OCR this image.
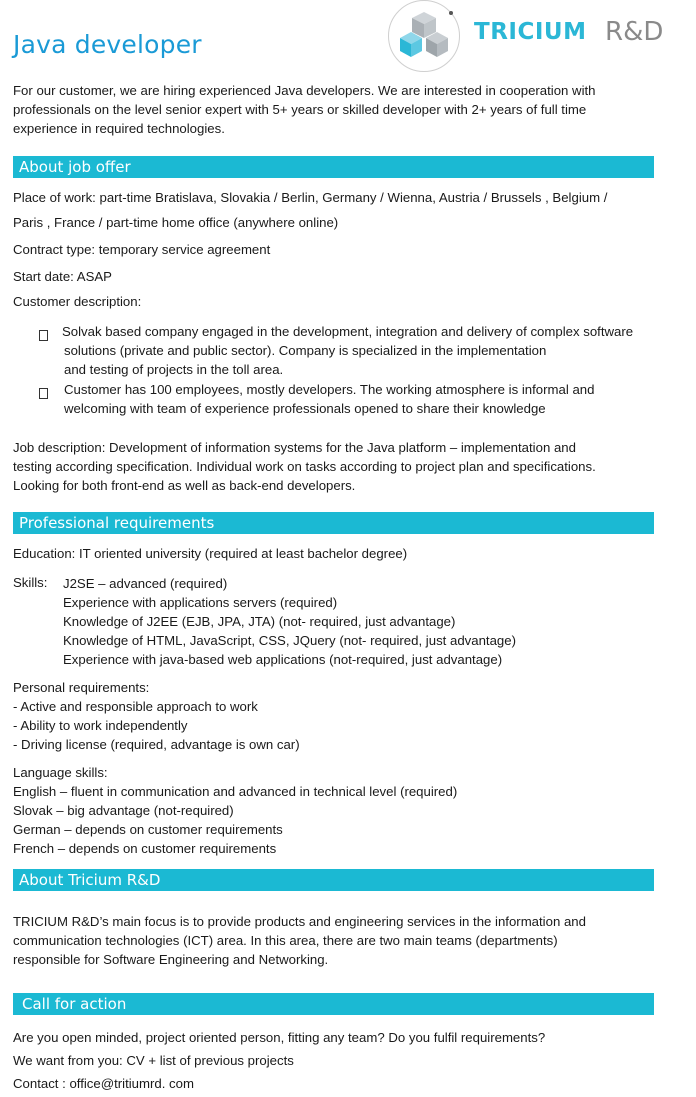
Java developer	TRICIUM R&D
For our customer, we are hiring experienced Java developers. We are interested in cooperation with
professionals on the level senior expert with 5+ years or skilled developer with 2+ years of full time
experience in required technologies.
About job offer
Place of work: part-time Bratislava, Slovakia / Berlin, Germany / Wienna, Austria / Brussels , Belgium /
Paris , France / part-time home office (anywhere online)
Contract type: temporary service agreement
Start date: ASAP
Customer description:
Solvak based company engaged in the development, integration and delivery of complex software
solutions (private and public sector). Company is specialized in the implementation
and testing of projects in the toll area.
Customer has 100 employees, mostly developers. The working atmosphere is informal and
welcoming with team of experience professionals opened to share their knowledge
Job description: Development of information systems for the Java platform – implementation and
testing according specification. Individual work on tasks according to project plan and specifications.
Looking for both front-end as well as back-end developers.
Professional requirements
Education: IT oriented university (required at least bachelor degree)
Skills: J2SE – advanced (required)
Experience with applications servers (required)
Knowledge of J2EE (EJB, JPA, JTA) (not- required, just advantage)
Knowledge of HTML, JavaScript, CSS, JQuery (not- required, just advantage)
Experience with java-based web applications (not-required, just advantage)
Personal requirements:
- Active and responsible approach to work
- Ability to work independently
- Driving license (required, advantage is own car)
Language skills:
English – fluent in communication and advanced in technical level (required)
Slovak – big advantage (not-required)
German – depends on customer requirements
French – depends on customer requirements
About Tricium R&D
TRICIUM R&D’s main focus is to provide products and engineering services in the information and
communication technologies (ICT) area. In this area, there are two main teams (departments)
responsible for Software Engineering and Networking.
Call for action
Are you open minded, project oriented person, fitting any team? Do you fulfil requirements?
We want from you: CV + list of previous projects
Contact : office@tritiumrd. com
